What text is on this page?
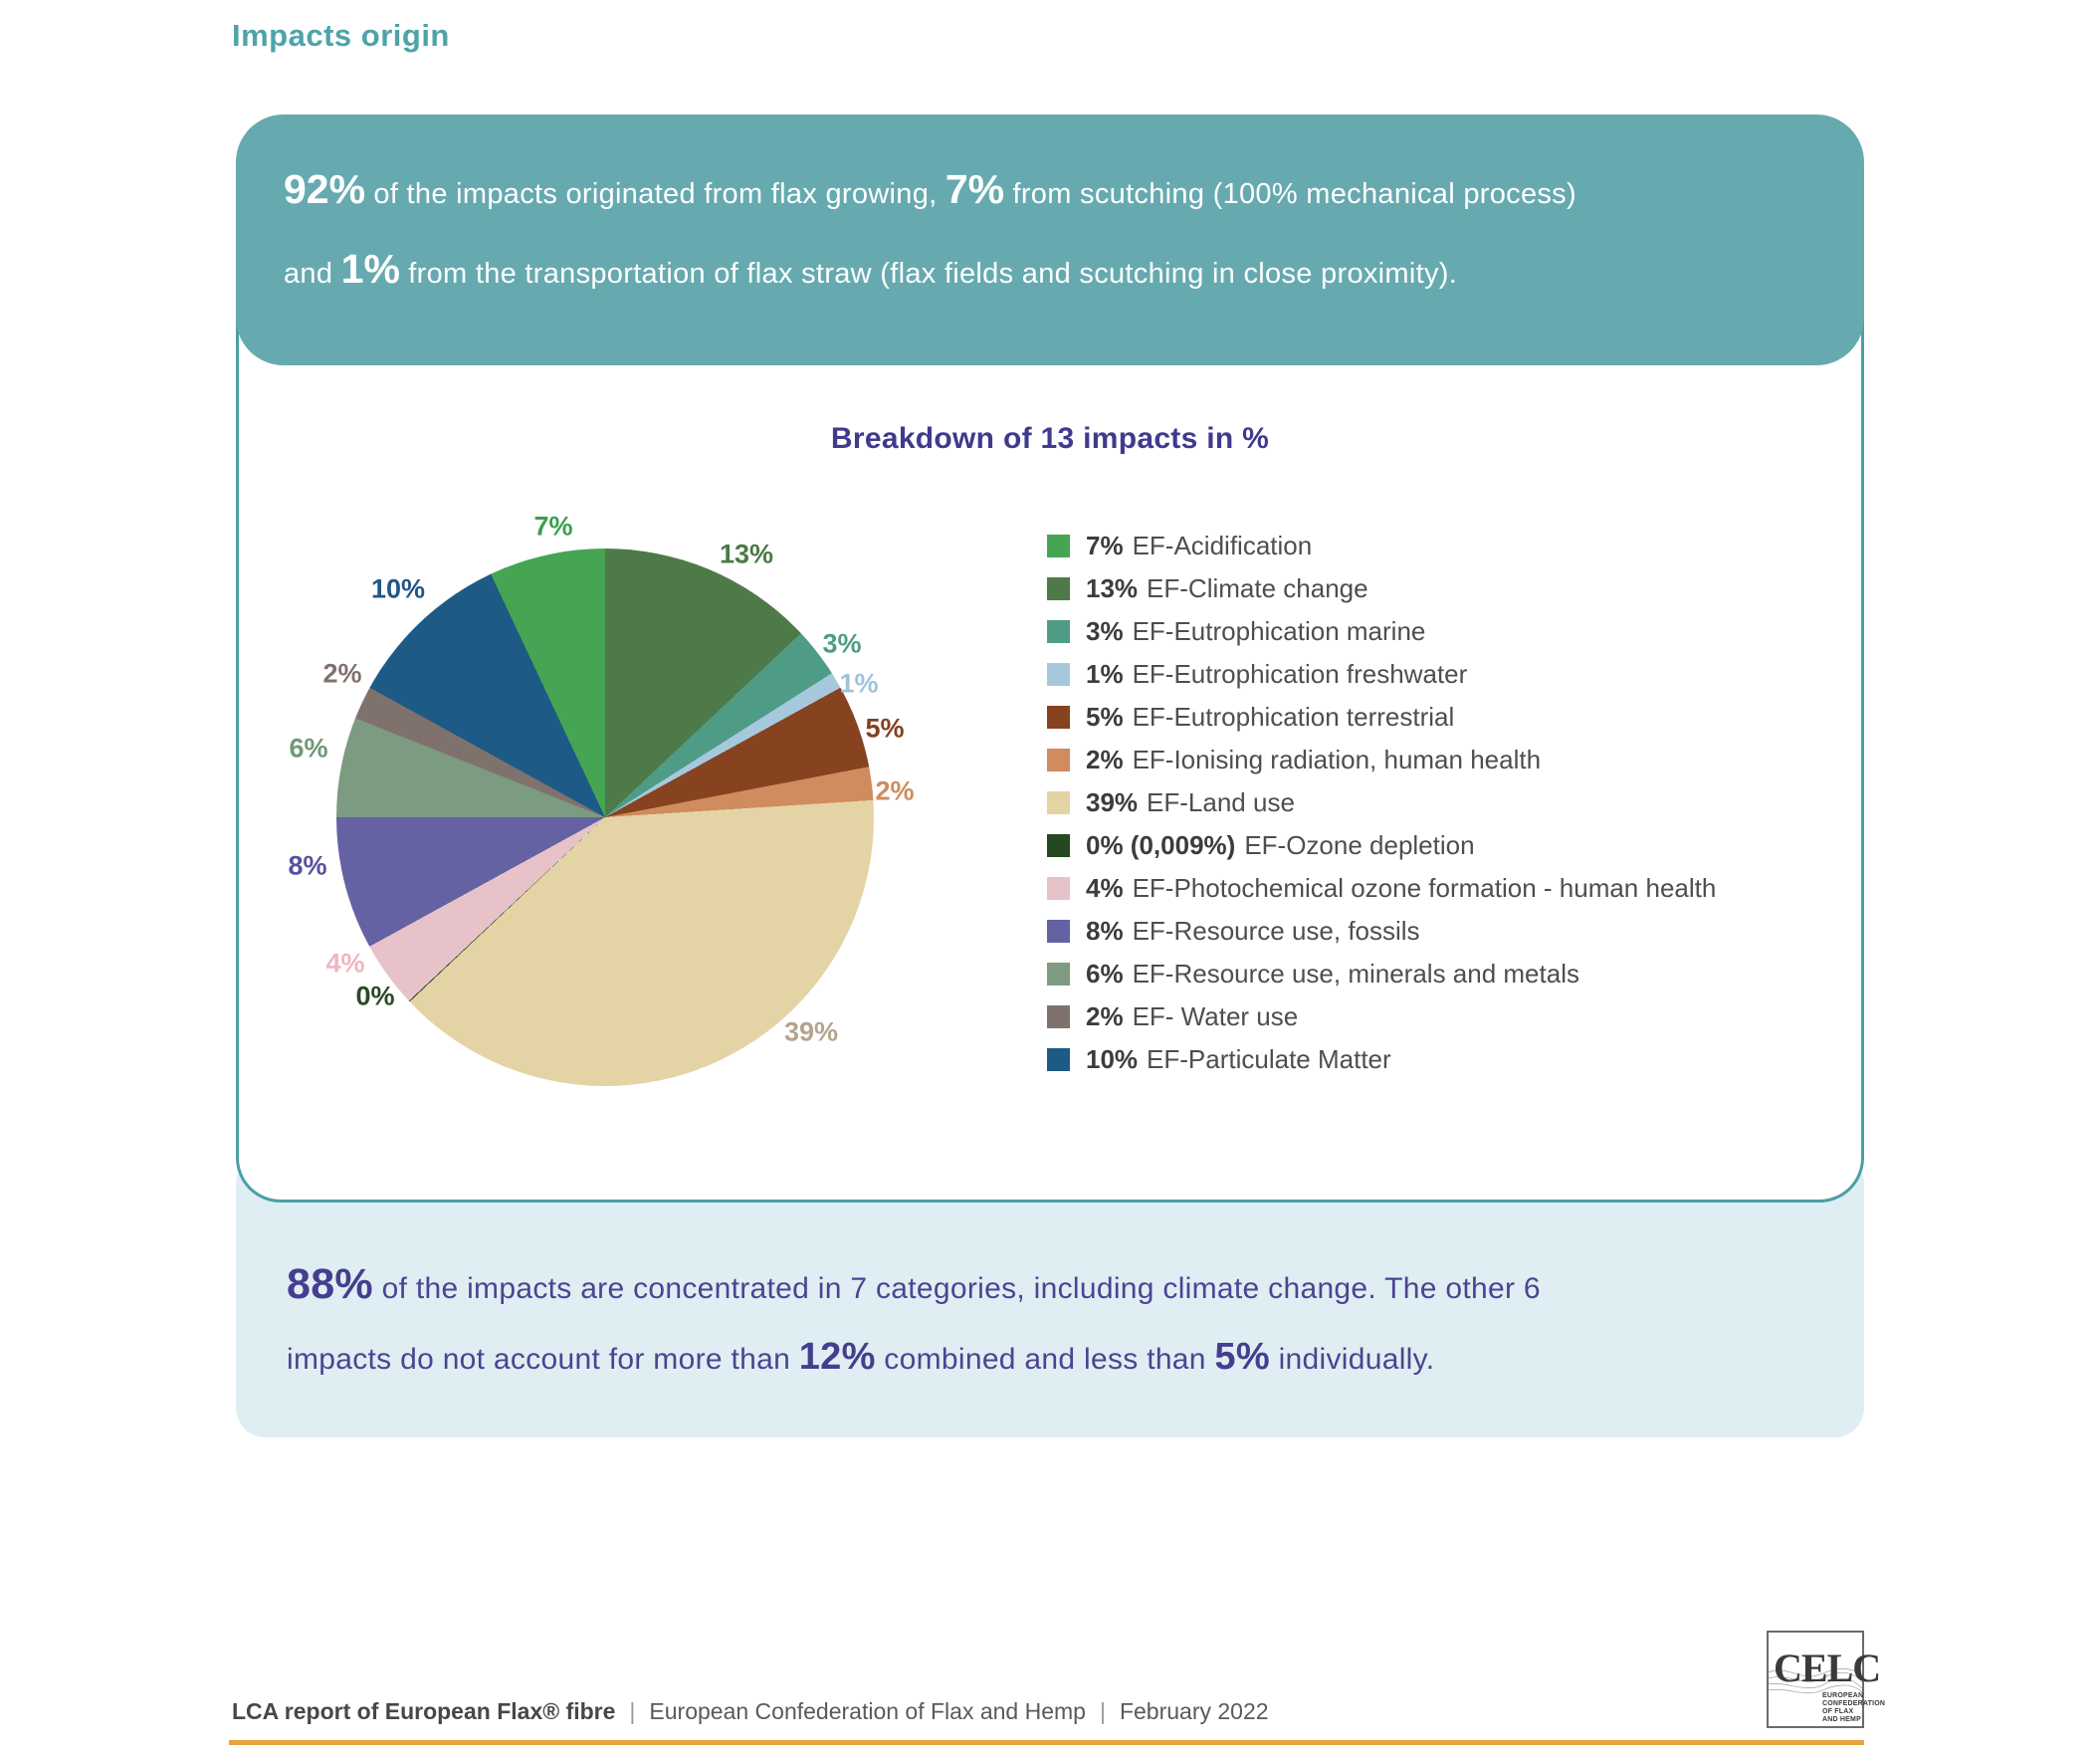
Impacts origin
92% of the impacts originated from flax growing, 7% from scutching (100% mechanical process)
and 1% from the transportation of flax straw (flax fields and scutching in close proximity).
Breakdown of 13 impacts in %
7%
13%
3%
1%
5%
2%
39%
0%
4%
8%
6%
2%
10%
7% EF-Acidification
13% EF-Climate change
3% EF-Eutrophication marine
1% EF-Eutrophication freshwater
5% EF-Eutrophication terrestrial
2% EF-Ionising radiation, human health
39% EF-Land use
0% (0,009%) EF-Ozone depletion
4% EF-Photochemical ozone formation - human health
8% EF-Resource use, fossils
6% EF-Resource use, minerals and metals
2% EF- Water use
10% EF-Particulate Matter
88% of the impacts are concentrated in 7 categories, including climate change. The other 6
impacts do not account for more than 12% combined and less than 5% individually.
LCA report of European Flax® fibre | European Confederation of Flax and Hemp | February 2022
CELC
EUROPEAN
CONFEDERATION
OF FLAX
AND HEMP
